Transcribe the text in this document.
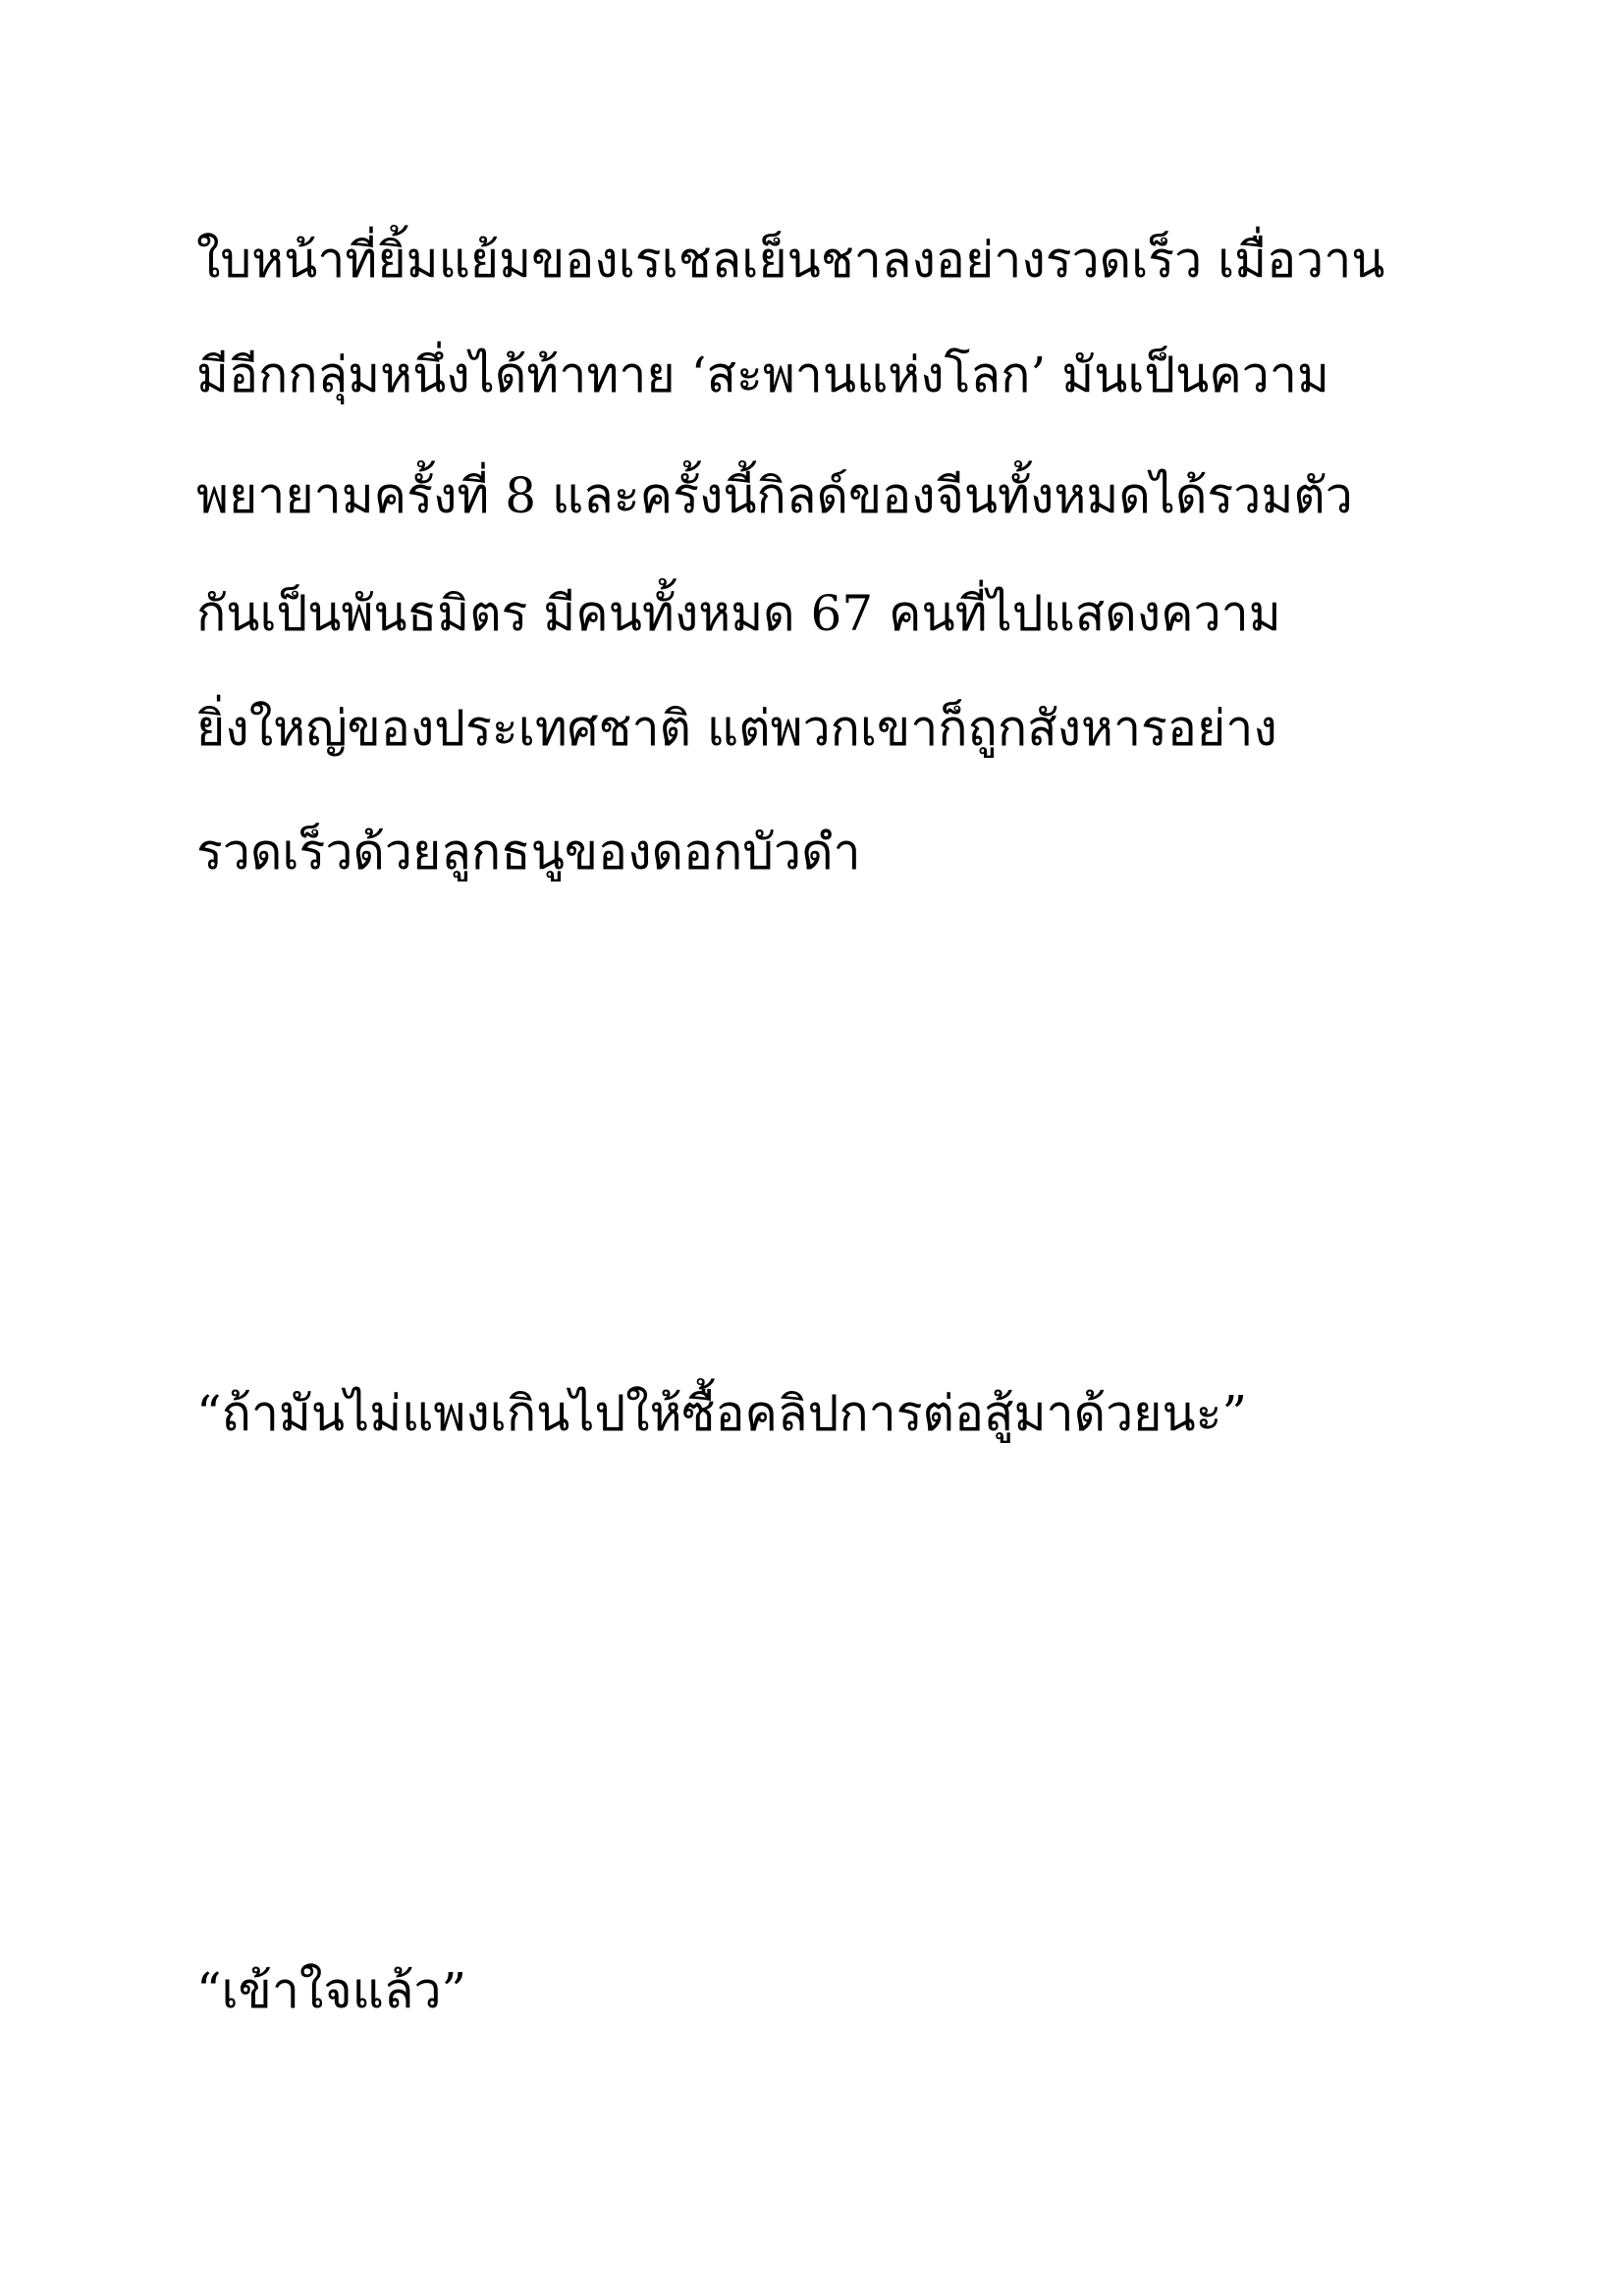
ใบหน้าที่ยิ้มแย้มของเรเชลเย็นชาลงอย่างรวดเร็ว เมื่อวาน
มีอีกกลุ่มหนึ่งได้ท้าทาย ‘สะพานแห่งโลก’ มันเป็นความ
พยายามครั้งที่ 8 และครั้งนี้กิลด์ของจีนทั้งหมดได้รวมตัว
กันเป็นพันธมิตร มีคนทั้งหมด 67 คนที่ไปแสดงความ
ยิ่งใหญ่ของประเทศชาติ แต่พวกเขาก็ถูกสังหารอย่าง
รวดเร็วด้วยลูกธนูของดอกบัวดำ
“ถ้ามันไม่แพงเกินไปให้ซื้อคลิปการต่อสู้มาด้วยนะ”
“เข้าใจแล้ว”
